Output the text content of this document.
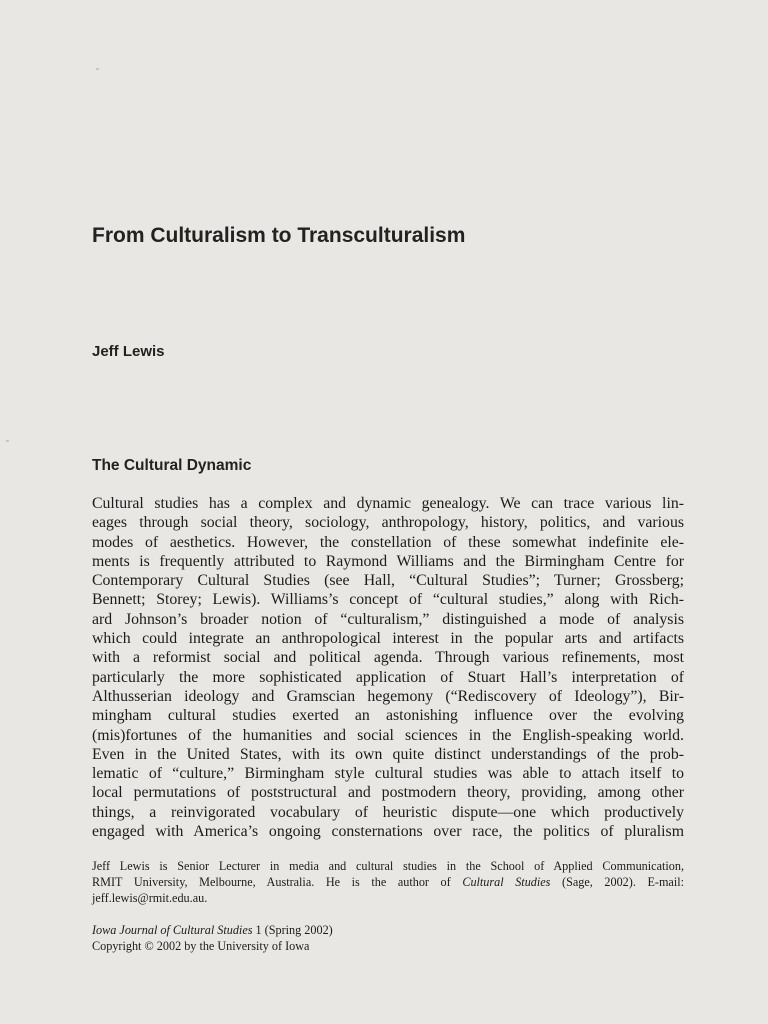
From Culturalism to Transculturalism
Jeff Lewis
The Cultural Dynamic
Cultural studies has a complex and dynamic genealogy. We can trace various lin-
eages through social theory, sociology, anthropology, history, politics, and various
modes of aesthetics. However, the constellation of these somewhat indefinite ele-
ments is frequently attributed to Raymond Williams and the Birmingham Centre for
Contemporary Cultural Studies (see Hall, “Cultural Studies”; Turner; Grossberg;
Bennett; Storey; Lewis). Williams’s concept of “cultural studies,” along with Rich-
ard Johnson’s broader notion of “culturalism,” distinguished a mode of analysis
which could integrate an anthropological interest in the popular arts and artifacts
with a reformist social and political agenda. Through various refinements, most
particularly the more sophisticated application of Stuart Hall’s interpretation of
Althusserian ideology and Gramscian hegemony (“Rediscovery of Ideology”), Bir-
mingham cultural studies exerted an astonishing influence over the evolving
(mis)fortunes of the humanities and social sciences in the English-speaking world.
Even in the United States, with its own quite distinct understandings of the prob-
lematic of “culture,” Birmingham style cultural studies was able to attach itself to
local permutations of poststructural and postmodern theory, providing, among other
things, a reinvigorated vocabulary of heuristic dispute—one which productively
engaged with America’s ongoing consternations over race, the politics of pluralism
Jeff Lewis is Senior Lecturer in media and cultural studies in the School of Applied Communication,
RMIT University, Melbourne, Australia. He is the author of Cultural Studies (Sage, 2002). E-mail:
jeff.lewis@rmit.edu.au.
Iowa Journal of Cultural Studies 1 (Spring 2002)
Copyright © 2002 by the University of Iowa
